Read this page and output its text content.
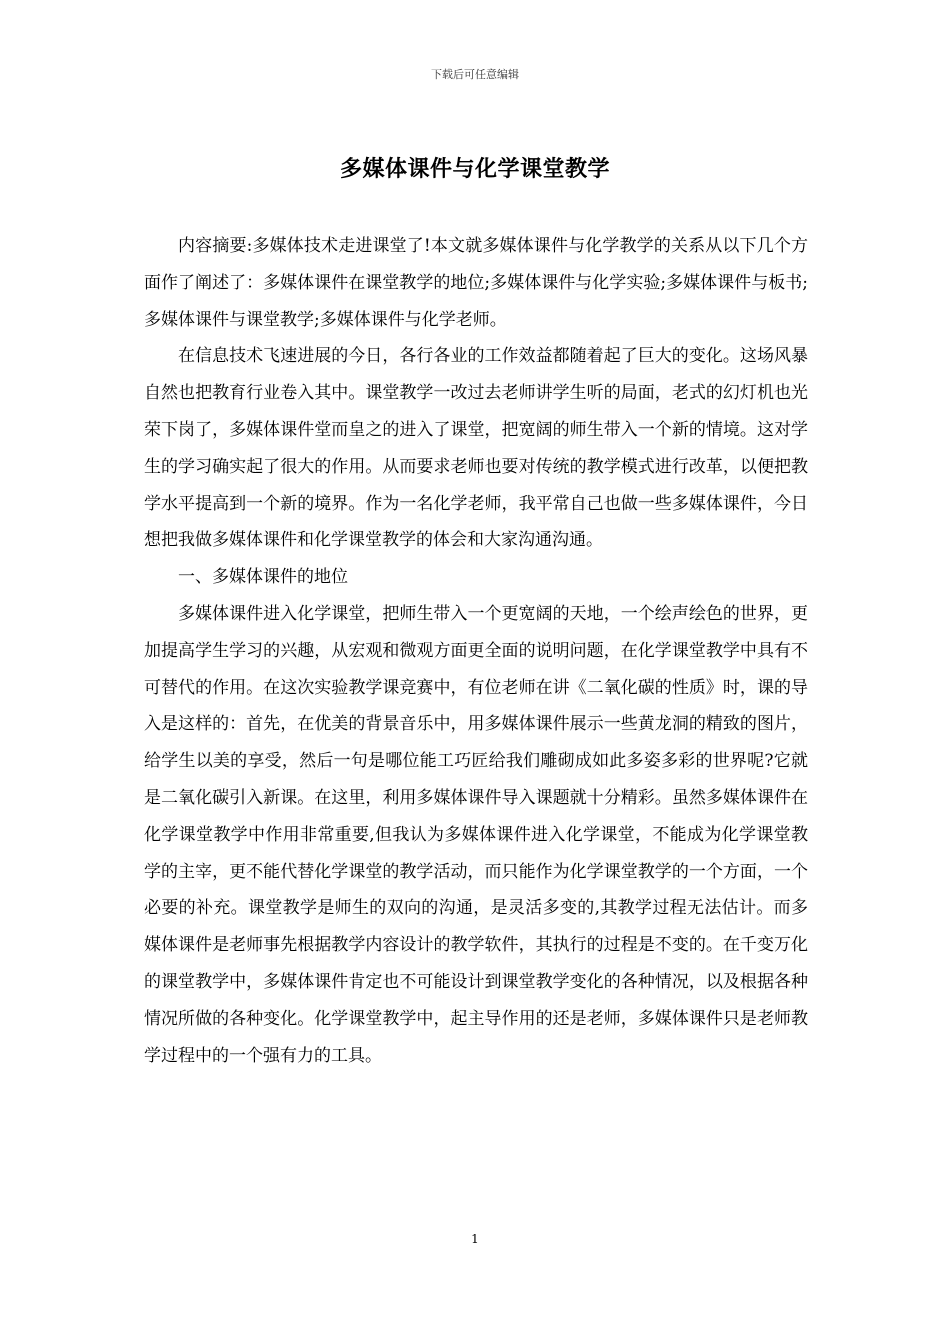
下载后可任意编辑
多媒体课件与化学课堂教学

内容摘要:多媒体技术走进课堂了!本文就多媒体课件与化学教学的关系从以下几个方面作了阐述了：多媒体课件在课堂教学的地位;多媒体课件与化学实验;多媒体课件与板书;多媒体课件与课堂教学;多媒体课件与化学老师。

在信息技术飞速进展的今日，各行各业的工作效益都随着起了巨大的变化。这场风暴自然也把教育行业卷入其中。课堂教学一改过去老师讲学生听的局面，老式的幻灯机也光荣下岗了，多媒体课件堂而皇之的进入了课堂，把宽阔的师生带入一个新的情境。这对学生的学习确实起了很大的作用。从而要求老师也要对传统的教学模式进行改革，以便把教学水平提高到一个新的境界。作为一名化学老师，我平常自己也做一些多媒体课件，今日想把我做多媒体课件和化学课堂教学的体会和大家沟通沟通。

一、多媒体课件的地位

多媒体课件进入化学课堂，把师生带入一个更宽阔的天地，一个绘声绘色的世界，更加提高学生学习的兴趣，从宏观和微观方面更全面的说明问题，在化学课堂教学中具有不可替代的作用。在这次实验教学课竞赛中，有位老师在讲《二氧化碳的性质》时，课的导入是这样的：首先，在优美的背景音乐中，用多媒体课件展示一些黄龙洞的精致的图片，给学生以美的享受，然后一句是哪位能工巧匠给我们雕砌成如此多姿多彩的世界呢?它就是二氧化碳引入新课。在这里，利用多媒体课件导入课题就十分精彩。虽然多媒体课件在化学课堂教学中作用非常重要,但我认为多媒体课件进入化学课堂，不能成为化学课堂教学的主宰，更不能代替化学课堂的教学活动，而只能作为化学课堂教学的一个方面，一个必要的补充。课堂教学是师生的双向的沟通，是灵活多变的,其教学过程无法估计。而多媒体课件是老师事先根据教学内容设计的教学软件，其执行的过程是不变的。在千变万化的课堂教学中，多媒体课件肯定也不可能设计到课堂教学变化的各种情况，以及根据各种情况所做的各种变化。化学课堂教学中，起主导作用的还是老师，多媒体课件只是老师教学过程中的一个强有力的工具。

1
